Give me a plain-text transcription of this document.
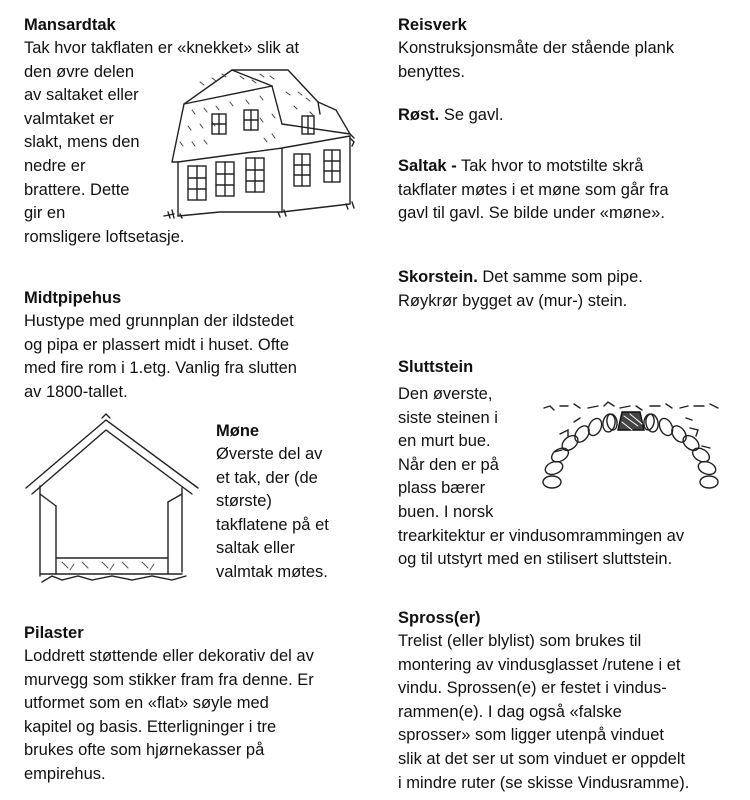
Mansardtak
Tak hvor takflaten er «knekket» slik at
den øvre delen
av saltaket eller
valmtaket er
slakt, mens den
nedre er
brattere. Dette
gir en
romsligere loftsetasje.
Midtpipehus
Hustype med grunnplan der ildstedet
og pipa er plassert midt i huset. Ofte
med fire rom i 1.etg. Vanlig fra slutten
av 1800-tallet.
Møne
Øverste del av
et tak, der (de
største)
takflatene på et
saltak eller
valmtak møtes.
Pilaster
Loddrett støttende eller dekorativ del av
murvegg som stikker fram fra denne. Er
utformet som en «flat» søyle med
kapitel og basis. Etterligninger i tre
brukes ofte som hjørnekasser på
empirehus.
Reisverk
Konstruksjonsmåte der stående plank
benyttes.
Røst. Se gavl.
Saltak - Tak hvor to motstilte skrå
takflater møtes i et møne som går fra
gavl til gavl. Se bilde under «møne».
Skorstein. Det samme som pipe.
Røykrør bygget av (mur-) stein.
Sluttstein
Den øverste,
siste steinen i
en murt bue.
Når den er på
plass bærer
buen. I norsk
trearkitektur er vindusomrammingen av
og til utstyrt med en stilisert sluttstein.
Spross(er)
Trelist (eller blylist) som brukes til
montering av vindusglasset /rutene i et
vindu. Sprossen(e) er festet i vindus-
rammen(e). I dag også «falske
sprosser» som ligger utenpå vinduet
slik at det ser ut som vinduet er oppdelt
i mindre ruter (se skisse Vindusramme).
